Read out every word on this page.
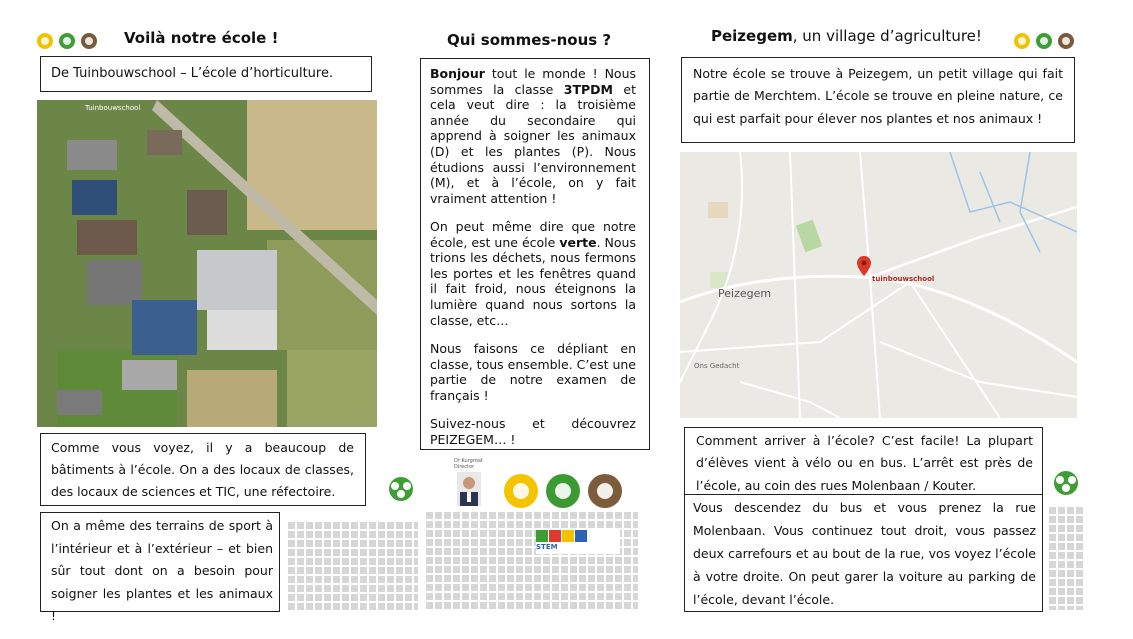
Voilà notre école !
De Tuinbouwschool – L’école d’horticulture.
Tuinbouwschool
Comme vous voyez, il y a beaucoup de bâtiments à l’école. On a des locaux de classes, des locaux de sciences et TIC, une réfectoire.
On a même des terrains de sport à l’intérieur et à l’extérieur – et bien sûr tout dont on a besoin pour soigner les plantes et les animaux !
Qui sommes-nous ?
Bonjour tout le monde ! Nous sommes la classe 3TPDM et cela veut dire : la troisième année du secondaire qui apprend à soigner les animaux (D) et les plantes (P). Nous étudions aussi l’environnement (M), et à l’école, on y fait vraiment attention !
On peut même dire que notre école, est une école verte. Nous trions les déchets, nous fermons les portes et les fenêtres quand il fait froid, nous éteignons la lumière quand nous sortons la classe, etc…
Nous faisons ce dépliant en classe, tous ensemble. C’est une partie de notre examen de français !
Suivez-nous et découvrez PEIZEGEM… !
Dr Kurgroat Director
STEM
Peizegem, un village d’agriculture!
Notre école se trouve à Peizegem, un petit village qui fait partie de Merchtem. L’école se trouve en pleine nature, ce qui est parfait pour élever nos plantes et nos animaux !
tuinbouwschool
Peizegem
Ons Gedacht
Comment arriver à l’école? C’est facile! La plupart d’élèves vient à vélo ou en bus. L’arrêt est près de l’école, au coin des rues Molenbaan / Kouter.
Vous descendez du bus et vous prenez la rue Molenbaan. Vous continuez tout droit, vous passez deux carrefours et au bout de la rue, vos voyez l’école à votre droite. On peut garer la voiture au parking de l’école, devant l’école.
